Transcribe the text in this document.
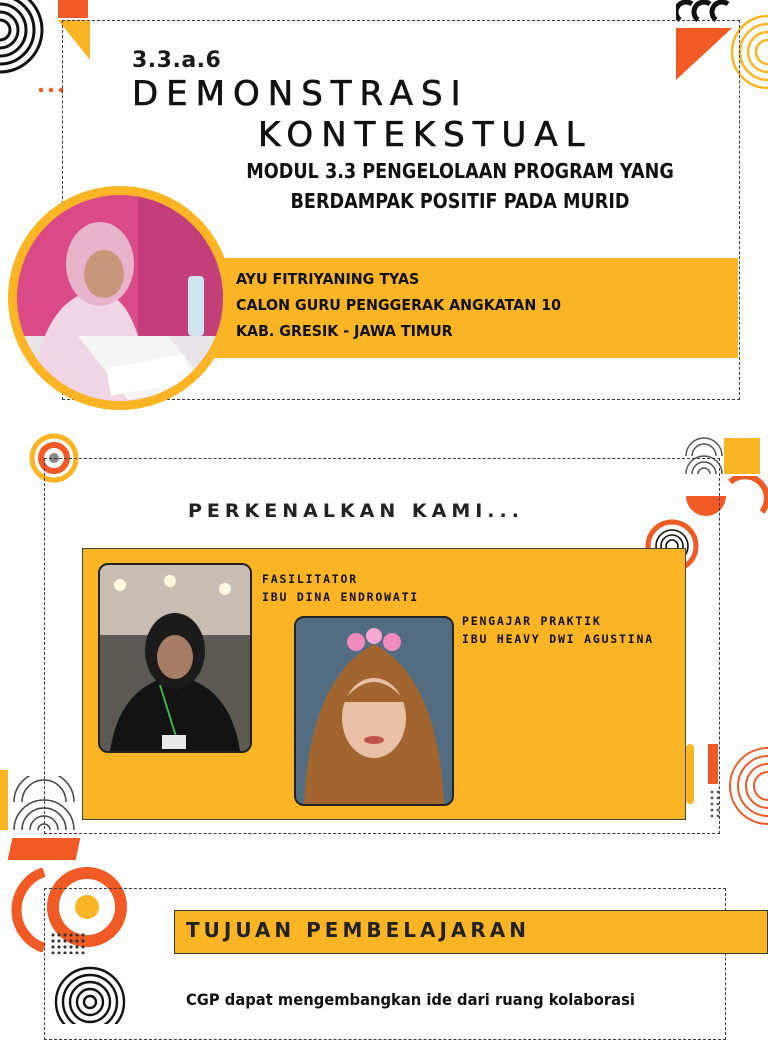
3.3.a.6
DEMONSTRASI
KONTEKSTUAL
MODUL 3.3 PENGELOLAAN PROGRAM YANG
BERDAMPAK POSITIF PADA MURID
AYU FITRIYANING TYAS
CALON GURU PENGGERAK ANGKATAN 10
KAB. GRESIK - JAWA TIMUR
PERKENALKAN KAMI...
FASILITATOR
IBU DINA ENDROWATI
PENGAJAR PRAKTIK
IBU HEAVY DWI AGUSTINA
TUJUAN PEMBELAJARAN
CGP dapat mengembangkan ide dari ruang kolaborasi
